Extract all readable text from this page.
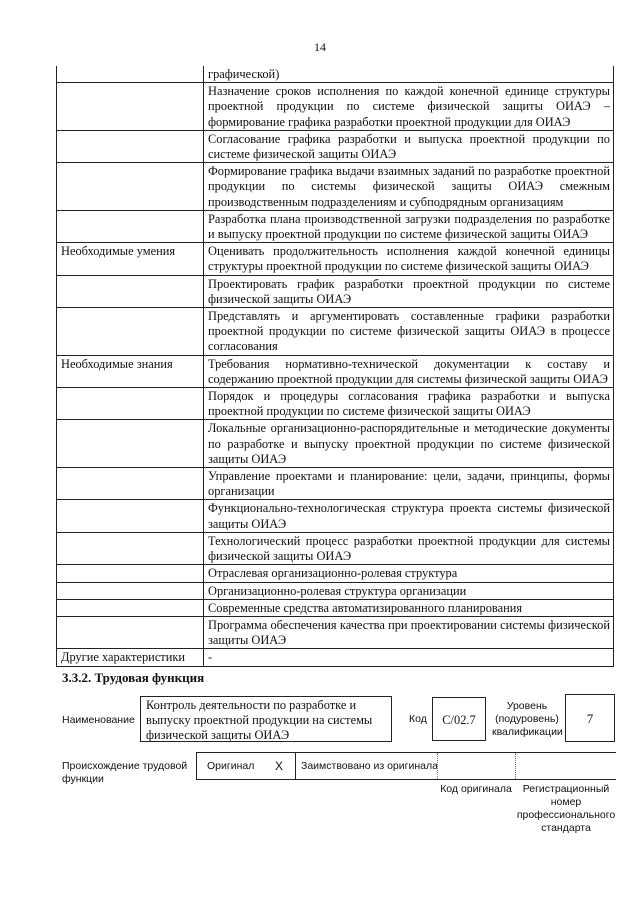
14
	графической)
	Назначение сроков исполнения по каждой конечной единице структуры проектной продукции по системе физической защиты ОИАЭ – формирование графика разработки проектной продукции для ОИАЭ
	Согласование графика разработки и выпуска проектной продукции по системе физической защиты ОИАЭ
	Формирование графика выдачи взаимных заданий по разработке проектной продукции по системы физической защиты ОИАЭ смежным производственным подразделениям и субподрядным организациям
	Разработка плана производственной загрузки подразделения по разработке и выпуску проектной продукции по системе физической защиты ОИАЭ
Необходимые умения	Оценивать продолжительность исполнения каждой конечной единицы структуры проектной продукции по системе физической защиты ОИАЭ
	Проектировать график разработки проектной продукции по системе физической защиты ОИАЭ
	Представлять и аргументировать составленные графики разработки проектной продукции по системе физической защиты ОИАЭ в процессе согласования
Необходимые знания	Требования нормативно-технической документации к составу и содержанию проектной продукции для системы физической защиты ОИАЭ
	Порядок и процедуры согласования графика разработки и выпуска проектной продукции по системе физической защиты ОИАЭ
	Локальные организационно-распорядительные и методические документы по разработке и выпуску проектной продукции по системе физической защиты ОИАЭ
	Управление проектами и планирование: цели, задачи, принципы, формы организации
	Функционально-технологическая структура проекта системы физической защиты ОИАЭ
	Технологический процесс разработки проектной продукции для системы физической защиты ОИАЭ
	Отраслевая организационно-ролевая структура
	Организационно-ролевая структура организации
	Современные средства автоматизированного планирования
	Программа обеспечения качества при проектировании системы физической защиты ОИАЭ
Другие характеристики	-
3.3.2. Трудовая функция
Наименование
Контроль деятельности по разработке и выпуску проектной продукции на системы физической защиты ОИАЭ
Код	C/02.7
Уровень (подуровень) квалификации
7
Происхождение трудовой функции
Оригинал X Заимствовано из оригинала
Код оригинала	Регистрационный номер профессионального стандарта
